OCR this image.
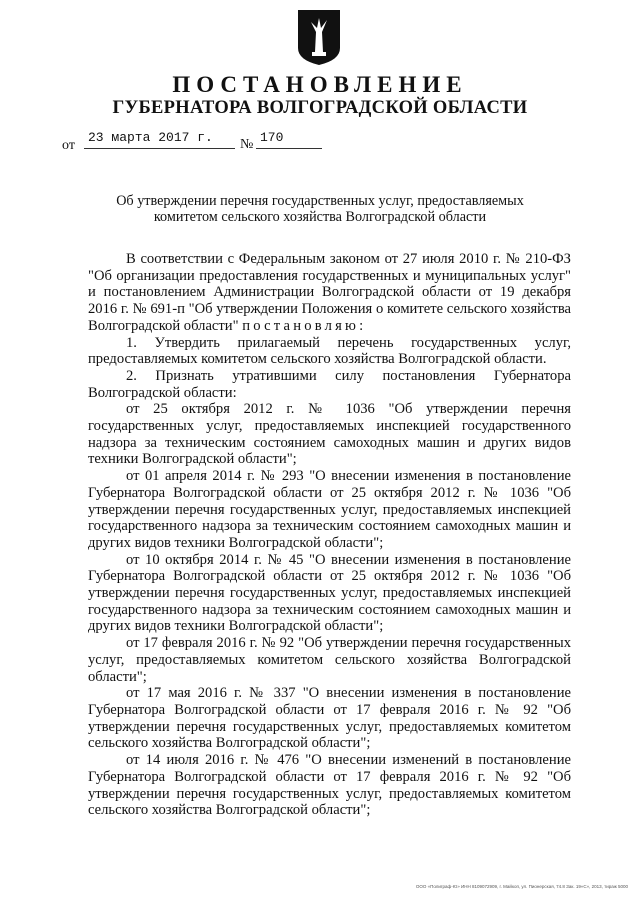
ПОСТАНОВЛЕНИЕ
ГУБЕРНАТОРА ВОЛГОГРАДСКОЙ ОБЛАСТИ
от
23 марта 2017 г.	№ 170
Об утверждении перечня государственных услуг, предоставляемых
комитетом сельского хозяйства Волгоградской области

В соответствии с Федеральным законом от 27 июля 2010 г. № 210-ФЗ "Об организации предоставления государственных и муниципальных услуг" и постановлением Администрации Волгоградской области от 19 декабря 2016 г. № 691-п "Об утверждении Положения о комитете сельского хозяйства Волгоградской области" постановляю:

1. Утвердить прилагаемый перечень государственных услуг, предоставляемых комитетом сельского хозяйства Волгоградской области.

2. Признать утратившими силу постановления Губернатора Волгоградской области:

от 25 октября 2012 г. № 1036 "Об утверждении перечня государственных услуг, предоставляемых инспекцией государственного надзора за техническим состоянием самоходных машин и других видов техники Волгоградской области";

от 01 апреля 2014 г. № 293 "О внесении изменения в постановление Губернатора Волгоградской области от 25 октября 2012 г. № 1036 "Об утверждении перечня государственных услуг, предоставляемых инспекцией государственного надзора за техническим состоянием самоходных машин и других видов техники Волгоградской области";

от 10 октября 2014 г. № 45 "О внесении изменения в постановление Губернатора Волгоградской области от 25 октября 2012 г. № 1036 "Об утверждении перечня государственных услуг, предоставляемых инспекцией государственного надзора за техническим состоянием самоходных машин и других видов техники Волгоградской области";

от 17 февраля 2016 г. № 92 "Об утверждении перечня государственных услуг, предоставляемых комитетом сельского хозяйства Волгоградской области";

от 17 мая 2016 г. № 337 "О внесении изменения в постановление Губернатора Волгоградской области от 17 февраля 2016 г. № 92 "Об утверждении перечня государственных услуг, предоставляемых комитетом сельского хозяйства Волгоградской области";

от 14 июля 2016 г. № 476 "О внесении изменений в постановление Губернатора Волгоградской области от 17 февраля 2016 г. № 92 "Об утверждении перечня государственных услуг, предоставляемых комитетом сельского хозяйства Волгоградской области";

ООО «Полиграф-Ю» ИНН 8109072909, г. Майкоп, ул. Пионерская, 74.8 Зак. 19«С», 2013, тираж 5000
